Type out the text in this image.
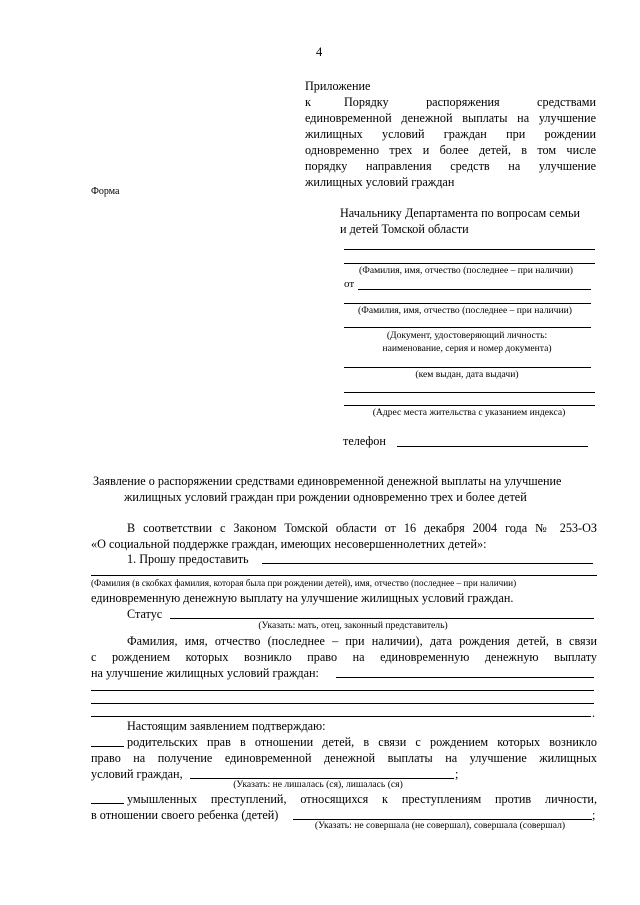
4
Приложение
к	Порядку распоряжения средствами
единовременной денежной выплаты на улучшение
жилищных условий граждан при рождении
одновременно трех и более детей, в том числе
порядку направления средств на улучшение
жилищных условий граждан
Форма
Начальнику Департамента по вопросам семьи
и детей Томской области
(Фамилия, имя, отчество (последнее – при наличии)
от
(Фамилия, имя, отчество (последнее – при наличии)
(Документ, удостоверяющий личность:
наименование, серия и номер документа)
(кем выдан, дата выдачи)
(Адрес места жительства с указанием индекса)
телефон
Заявление о распоряжении средствами единовременной денежной выплаты на улучшение
жилищных условий граждан при рождении одновременно трех и более детей
В соответствии с Законом Томской области от 16 декабря 2004 года № 253-ОЗ
«О социальной поддержке граждан, имеющих несовершеннолетних детей»:
1. Прошу предоставить
(Фамилия (в скобках фамилия, которая была при рождении детей), имя, отчество (последнее – при наличии)
единовременную денежную выплату на улучшение жилищных условий граждан.
Статус
(Указать: мать, отец, законный представитель)
Фамилия, имя, отчество (последнее – при наличии), дата рождения детей, в связи
с рождением которых возникло право на единовременную денежную выплату
на улучшение жилищных условий граждан:
.
Настоящим заявлением подтверждаю:
родительских прав в отношении детей, в связи с рождением которых возникло
право на получение единовременной денежной выплаты на улучшение жилищных
условий граждан,	;
(Указать: не лишалась (ся), лишалась (ся)
умышленных преступлений, относящихся к преступлениям против личности,
в отношении своего ребенка (детей)	;
(Указать: не совершала (не совершал), совершала (совершал)
